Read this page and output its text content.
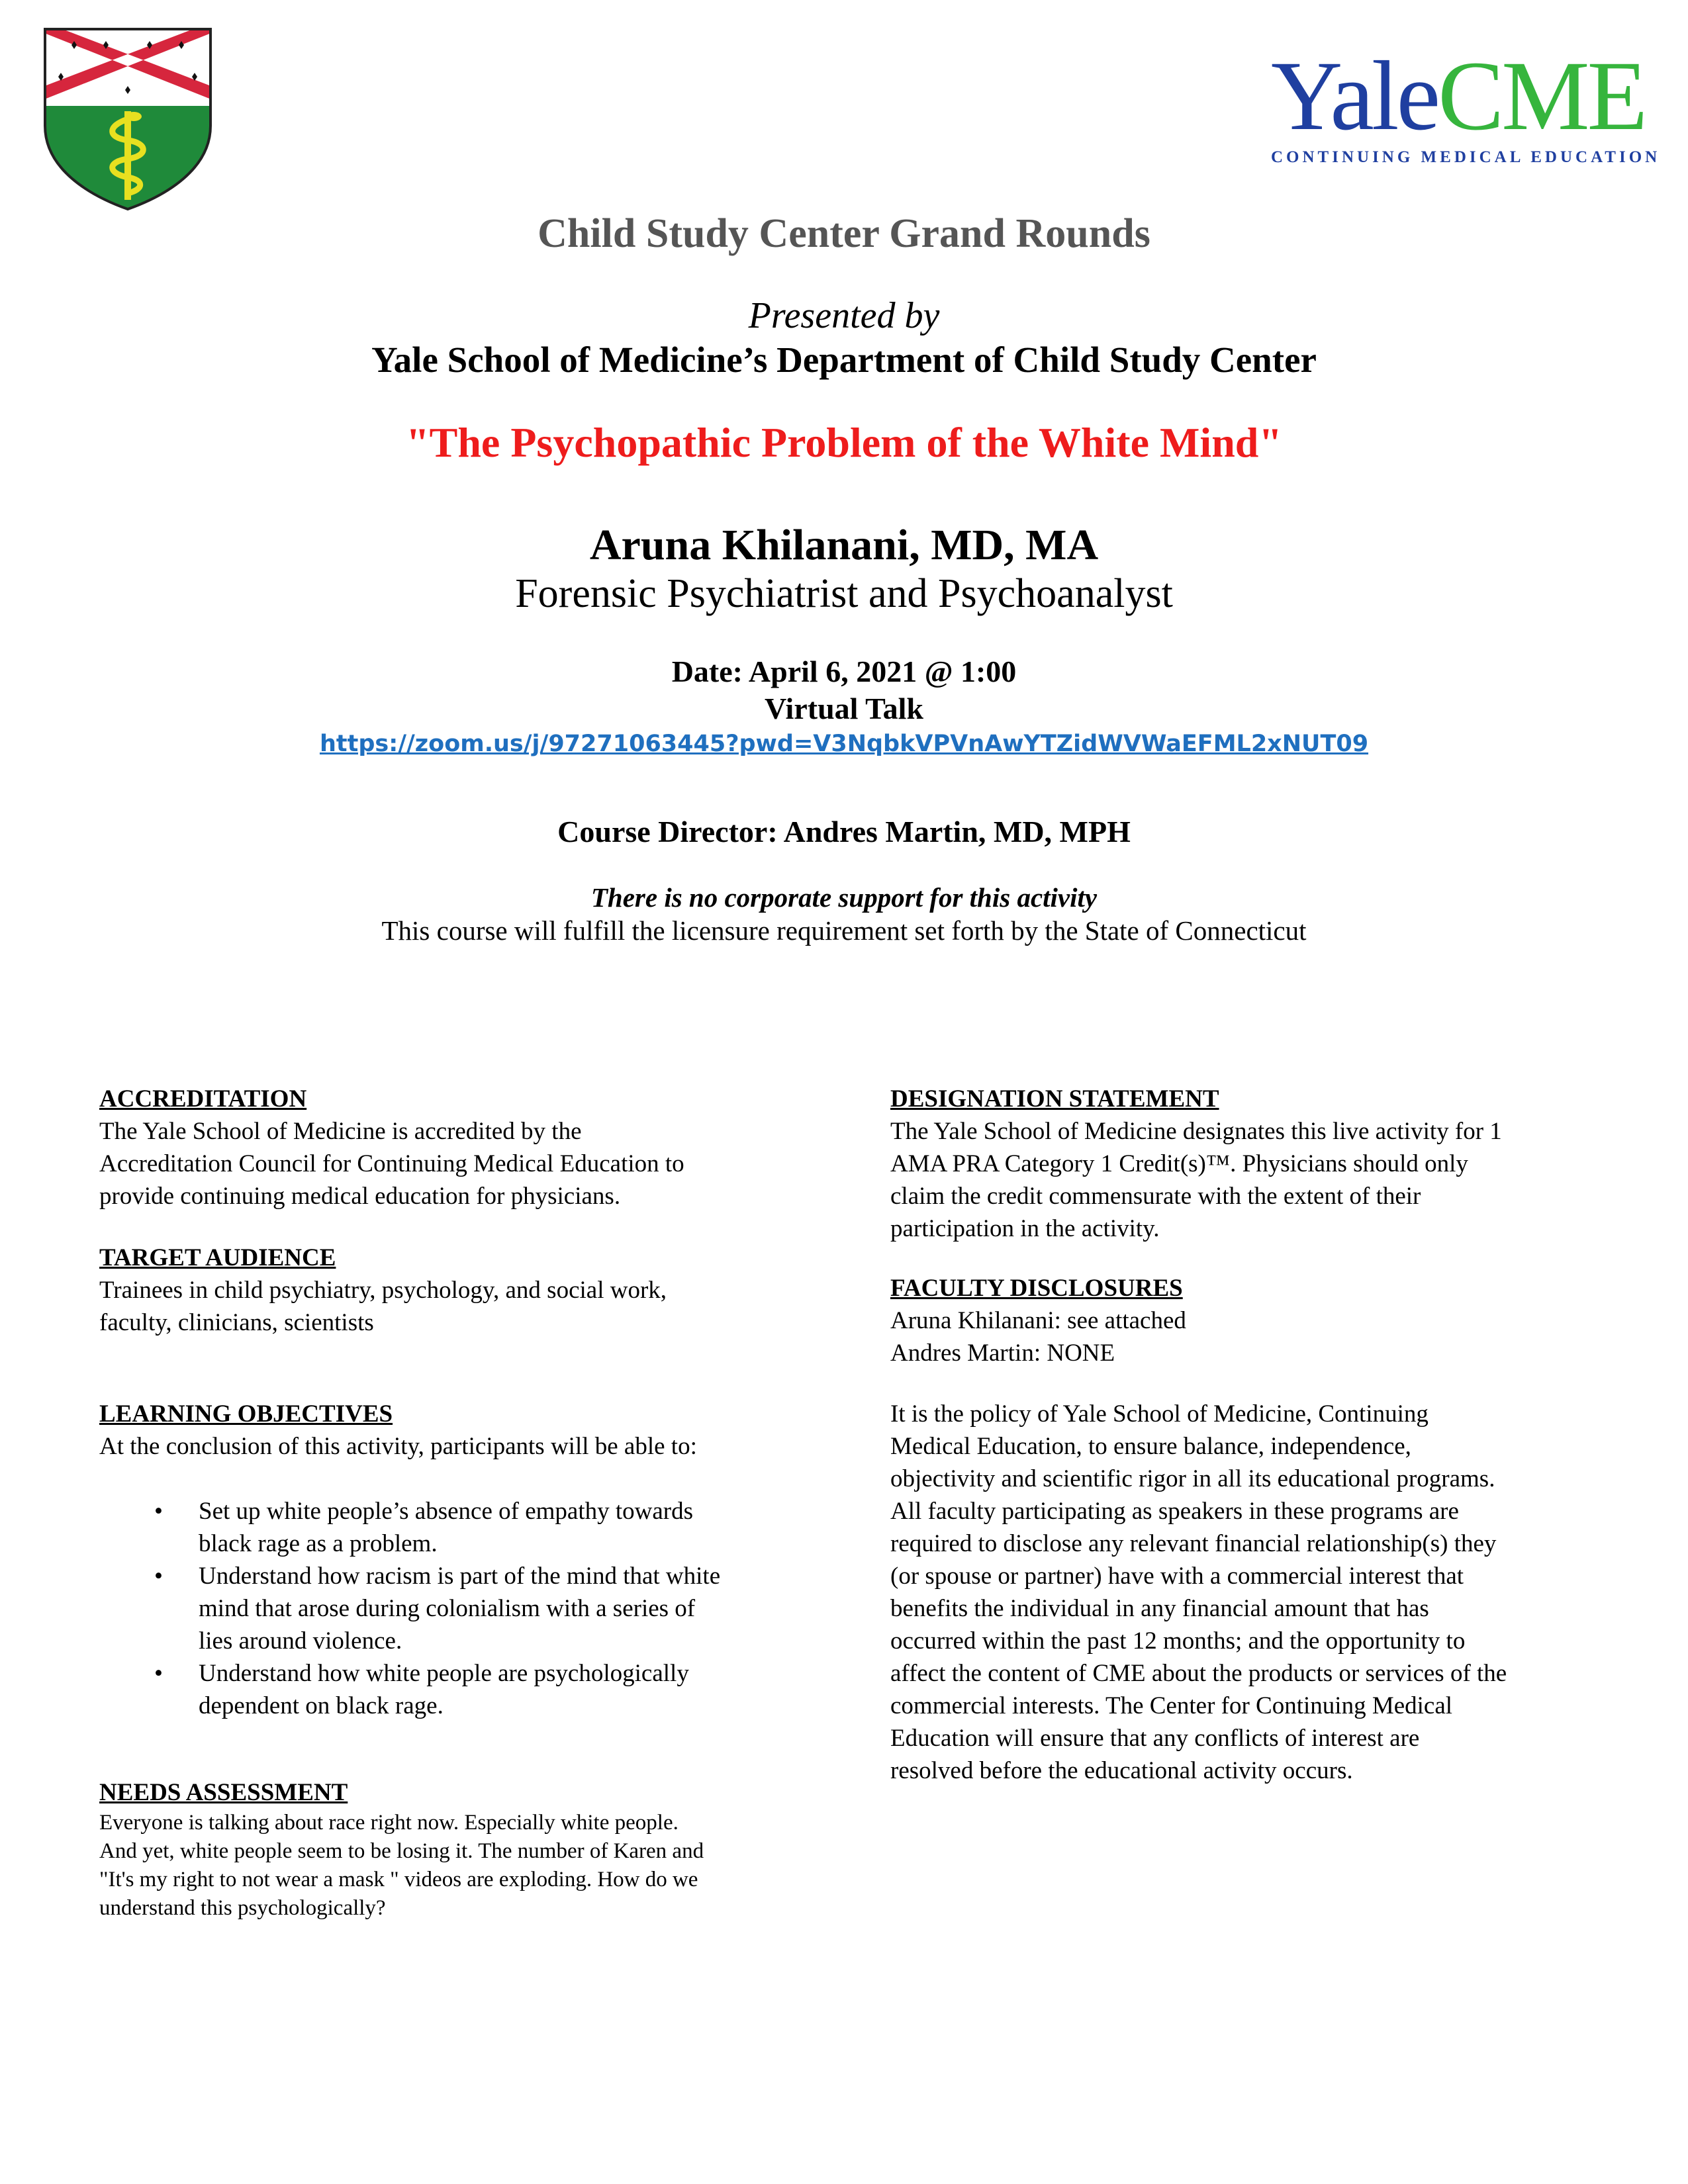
YaleCME
CONTINUING MEDICAL EDUCATION
Child Study Center Grand Rounds
Presented by
Yale School of Medicine’s Department of Child Study Center
"The Psychopathic Problem of the White Mind"
Aruna Khilanani, MD, MA
Forensic Psychiatrist and Psychoanalyst
Date: April 6, 2021 @ 1:00
Virtual Talk
https://zoom.us/j/97271063445?pwd=V3NqbkVPVnAwYTZidWVWaEFML2xNUT09
Course Director: Andres Martin, MD, MPH
There is no corporate support for this activity
This course will fulfill the licensure requirement set forth by the State of Connecticut
ACCREDITATION
The Yale School of Medicine is accredited by the
Accreditation Council for Continuing Medical Education to
provide continuing medical education for physicians.
TARGET AUDIENCE
Trainees in child psychiatry, psychology, and social work,
faculty, clinicians, scientists
LEARNING OBJECTIVES
At the conclusion of this activity, participants will be able to:
• Set up white people’s absence of empathy towards
black rage as a problem.
• Understand how racism is part of the mind that white
mind that arose during colonialism with a series of
lies around violence.
• Understand how white people are psychologically
dependent on black rage.
NEEDS ASSESSMENT
Everyone is talking about race right now. Especially white people.
And yet, white people seem to be losing it. The number of Karen and
"It's my right to not wear a mask " videos are exploding. How do we
understand this psychologically?
DESIGNATION STATEMENT
The Yale School of Medicine designates this live activity for 1
AMA PRA Category 1 Credit(s)™. Physicians should only
claim the credit commensurate with the extent of their
participation in the activity.
FACULTY DISCLOSURES
Aruna Khilanani: see attached
Andres Martin: NONE
It is the policy of Yale School of Medicine, Continuing
Medical Education, to ensure balance, independence,
objectivity and scientific rigor in all its educational programs.
All faculty participating as speakers in these programs are
required to disclose any relevant financial relationship(s) they
(or spouse or partner) have with a commercial interest that
benefits the individual in any financial amount that has
occurred within the past 12 months; and the opportunity to
affect the content of CME about the products or services of the
commercial interests. The Center for Continuing Medical
Education will ensure that any conflicts of interest are
resolved before the educational activity occurs.
